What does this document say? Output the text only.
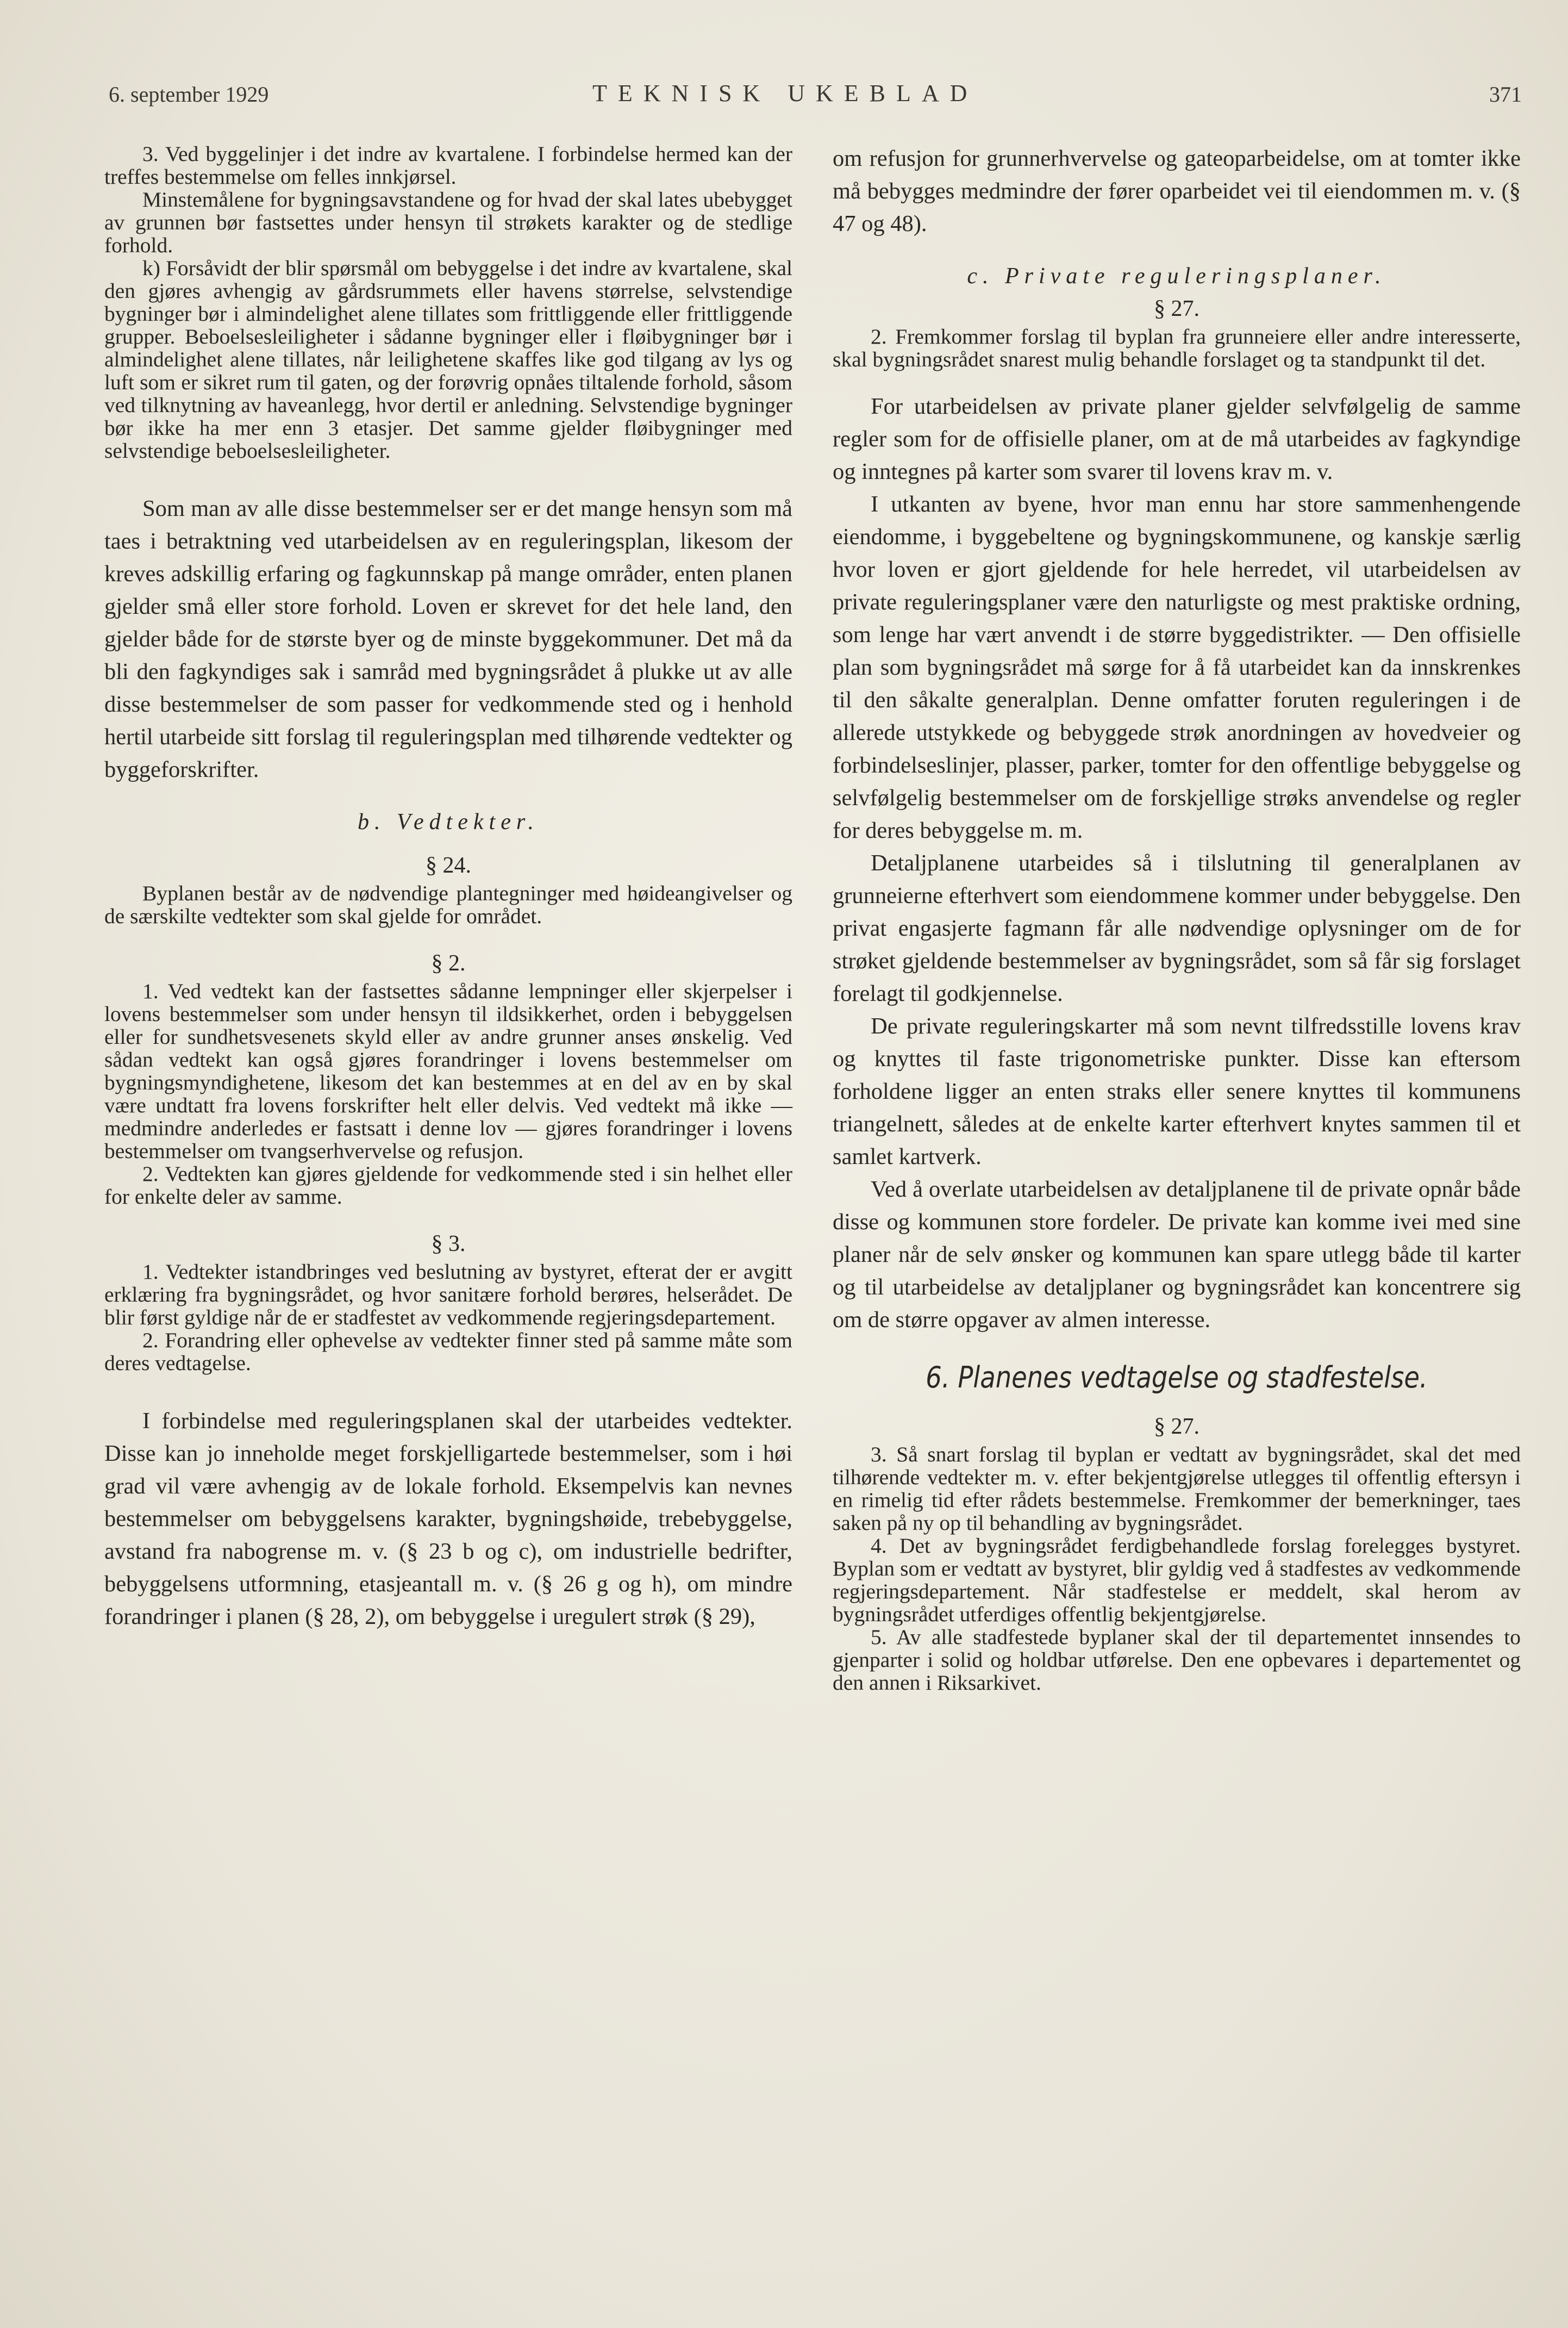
6. september 1929	TEKNISK UKEBLAD	371

3. Ved byggelinjer i det indre av kvartalene. I forbindelse hermed kan der treffes bestemmelse om felles innkjørsel.

Minstemålene for bygningsavstandene og for hvad der skal lates ubebygget av grunnen bør fastsettes under hensyn til strøkets karakter og de stedlige forhold.

k) Forsåvidt der blir spørsmål om bebyggelse i det indre av kvartalene, skal den gjøres avhengig av gårdsrummets eller havens størrelse, selvstendige bygninger bør i almindelighet alene tillates som frittliggende eller frittliggende grupper. Beboelsesleiligheter i sådanne bygninger eller i fløibygninger bør i almindelighet alene tillates, når leilighetene skaffes like god tilgang av lys og luft som er sikret rum til gaten, og der forøvrig opnåes tiltalende forhold, såsom ved tilknytning av haveanlegg, hvor dertil er anledning. Selvstendige bygninger bør ikke ha mer enn 3 etasjer. Det samme gjelder fløibygninger med selvstendige beboelsesleiligheter.

Som man av alle disse bestemmelser ser er det mange hensyn som må taes i betraktning ved utarbeidelsen av en reguleringsplan, likesom der kreves adskillig erfaring og fagkunnskap på mange områder, enten planen gjelder små eller store forhold. Loven er skrevet for det hele land, den gjelder både for de største byer og de minste byggekommuner. Det må da bli den fagkyndiges sak i samråd med bygningsrådet å plukke ut av alle disse bestemmelser de som passer for vedkommende sted og i henhold hertil utarbeide sitt forslag til reguleringsplan med tilhørende vedtekter og byggeforskrifter.

b. Vedtekter.
§ 24.

Byplanen består av de nødvendige plantegninger med høideangivelser og de særskilte vedtekter som skal gjelde for området.

§ 2.

1. Ved vedtekt kan der fastsettes sådanne lempninger eller skjerpelser i lovens bestemmelser som under hensyn til ildsikkerhet, orden i bebyggelsen eller for sundhetsvesenets skyld eller av andre grunner anses ønskelig. Ved sådan vedtekt kan også gjøres forandringer i lovens bestemmelser om bygningsmyndighetene, likesom det kan bestemmes at en del av en by skal være undtatt fra lovens forskrifter helt eller delvis. Ved vedtekt må ikke — medmindre anderledes er fastsatt i denne lov — gjøres forandringer i lovens bestemmelser om tvangserhvervelse og refusjon.

2. Vedtekten kan gjøres gjeldende for vedkommende sted i sin helhet eller for enkelte deler av samme.

§ 3.

1. Vedtekter istandbringes ved beslutning av bystyret, efterat der er avgitt erklæring fra bygningsrådet, og hvor sanitære forhold berøres, helserådet. De blir først gyldige når de er stadfestet av vedkommende regjeringsdepartement.

2. Forandring eller ophevelse av vedtekter finner sted på samme måte som deres vedtagelse.

I forbindelse med reguleringsplanen skal der utarbeides vedtekter. Disse kan jo inneholde meget forskjelligartede bestemmelser, som i høi grad vil være avhengig av de lokale forhold. Eksempelvis kan nevnes bestemmelser om bebyggelsens karakter, bygningshøide, trebebyggelse, avstand fra nabogrense m. v. (§ 23 b og c), om industrielle bedrifter, bebyggelsens utformning, etasjeantall m. v. (§ 26 g og h), om mindre forandringer i planen (§ 28, 2), om bebyggelse i uregulert strøk (§ 29),

om refusjon for grunnerhvervelse og gateoparbeidelse, om at tomter ikke må bebygges medmindre der fører oparbeidet vei til eiendommen m. v. (§ 47 og 48).

c. Private reguleringsplaner.
§ 27.

2. Fremkommer forslag til byplan fra grunneiere eller andre interesserte, skal bygningsrådet snarest mulig behandle forslaget og ta standpunkt til det.

For utarbeidelsen av private planer gjelder selvfølgelig de samme regler som for de offisielle planer, om at de må utarbeides av fagkyndige og inntegnes på karter som svarer til lovens krav m. v.

I utkanten av byene, hvor man ennu har store sammenhengende eiendomme, i byggebeltene og bygningskommunene, og kanskje særlig hvor loven er gjort gjeldende for hele herredet, vil utarbeidelsen av private reguleringsplaner være den naturligste og mest praktiske ordning, som lenge har vært anvendt i de større byggedistrikter. — Den offisielle plan som bygningsrådet må sørge for å få utarbeidet kan da innskrenkes til den såkalte generalplan. Denne omfatter foruten reguleringen i de allerede utstykkede og bebyggede strøk anordningen av hovedveier og forbindelseslinjer, plasser, parker, tomter for den offentlige bebyggelse og selvfølgelig bestemmelser om de forskjellige strøks anvendelse og regler for deres bebyggelse m. m.

Detaljplanene utarbeides så i tilslutning til generalplanen av grunneierne efterhvert som eiendommene kommer under bebyggelse. Den privat engasjerte fagmann får alle nødvendige oplysninger om de for strøket gjeldende bestemmelser av bygningsrådet, som så får sig forslaget forelagt til godkjennelse.

De private reguleringskarter må som nevnt tilfredsstille lovens krav og knyttes til faste trigonometriske punkter. Disse kan eftersom forholdene ligger an enten straks eller senere knyttes til kommunens triangelnett, således at de enkelte karter efterhvert knytes sammen til et samlet kartverk.

Ved å overlate utarbeidelsen av detaljplanene til de private opnår både disse og kommunen store fordeler. De private kan komme ivei med sine planer når de selv ønsker og kommunen kan spare utlegg både til karter og til utarbeidelse av detaljplaner og bygningsrådet kan koncentrere sig om de større opgaver av almen interesse.

6. Planenes vedtagelse og stadfestelse.
§ 27.

3. Så snart forslag til byplan er vedtatt av bygningsrådet, skal det med tilhørende vedtekter m. v. efter bekjentgjørelse utlegges til offentlig eftersyn i en rimelig tid efter rådets bestemmelse. Fremkommer der bemerkninger, taes saken på ny op til behandling av bygningsrådet.

4. Det av bygningsrådet ferdigbehandlede forslag forelegges bystyret. Byplan som er vedtatt av bystyret, blir gyldig ved å stadfestes av vedkommende regjeringsdepartement. Når stadfestelse er meddelt, skal herom av bygningsrådet utferdiges offentlig bekjentgjørelse.

5. Av alle stadfestede byplaner skal der til departementet innsendes to gjenparter i solid og holdbar utførelse. Den ene opbevares i departementet og den annen i Riksarkivet.
